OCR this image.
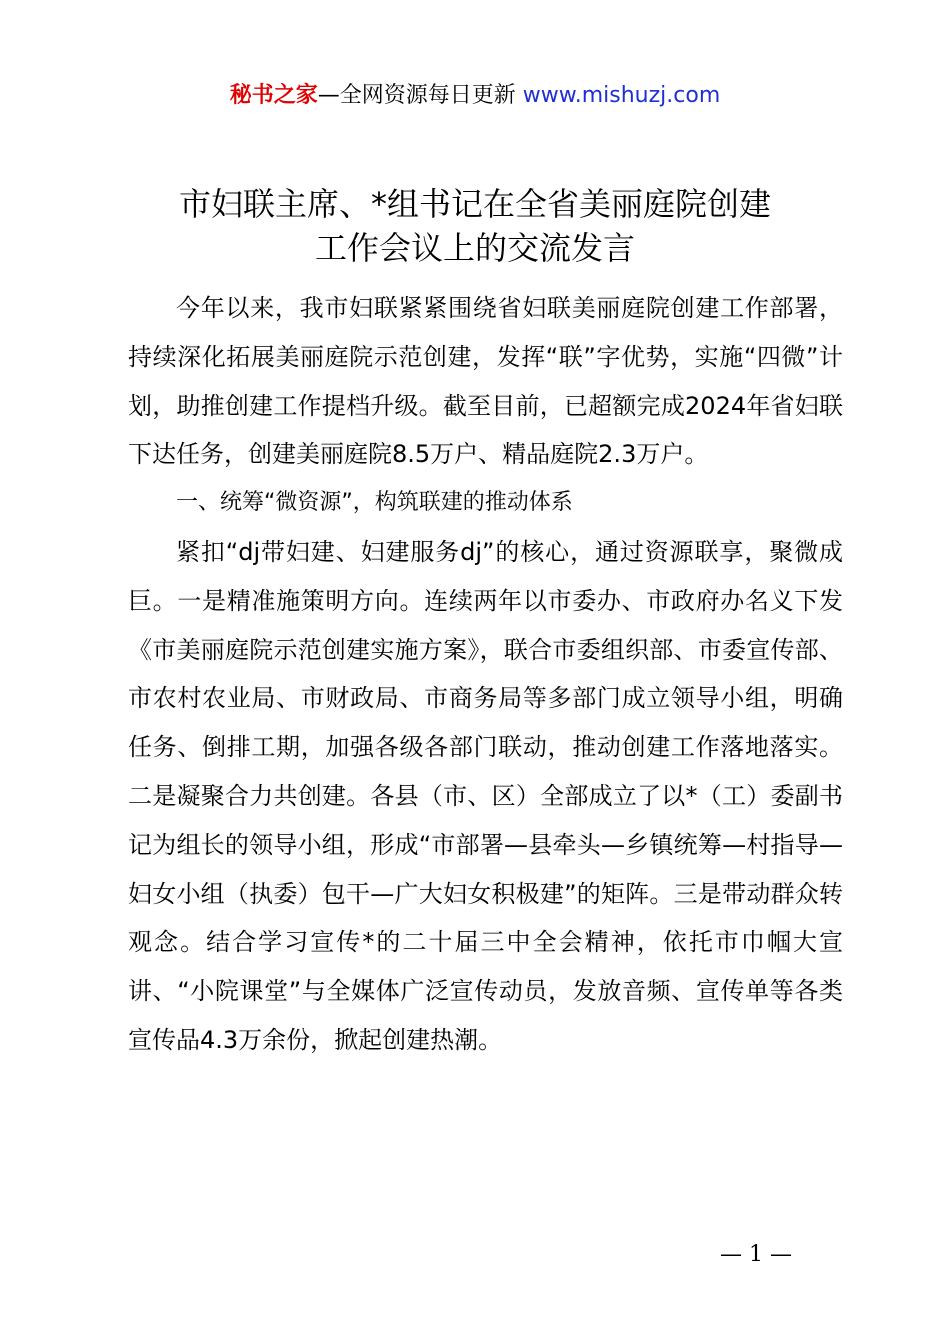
秘书之家—全网资源每日更新 www.mishuzj.com
市妇联主席、*组书记在全省美丽庭院创建
工作会议上的交流发言

今年以来，我市妇联紧紧围绕省妇联美丽庭院创建工作部署，持续深化拓展美丽庭院示范创建，发挥“联”字优势，实施“四微”计划，助推创建工作提档升级。截至目前，已超额完成2024年省妇联下达任务，创建美丽庭院8.5万户、精品庭院2.3万户。

一、统筹“微资源”，构筑联建的推动体系

紧扣“dj带妇建、妇建服务dj”的核心，通过资源联享，聚微成巨。一是精准施策明方向。连续两年以市委办、市政府办名义下发《市美丽庭院示范创建实施方案》，联合市委组织部、市委宣传部、市农村农业局、市财政局、市商务局等多部门成立领导小组，明确任务、倒排工期，加强各级各部门联动，推动创建工作落地落实。二是凝聚合力共创建。各县（市、区）全部成立了以*（工）委副书记为组长的领导小组，形成“市部署—县牵头—乡镇统筹—村指导—妇女小组（执委）包干—广大妇女积极建”的矩阵。三是带动群众转观念。结合学习宣传*的二十届三中全会精神，依托市巾帼大宣讲、“小院课堂”与全媒体广泛宣传动员，发放音频、宣传单等各类宣传品4.3万余份，掀起创建热潮。

— 1 —
